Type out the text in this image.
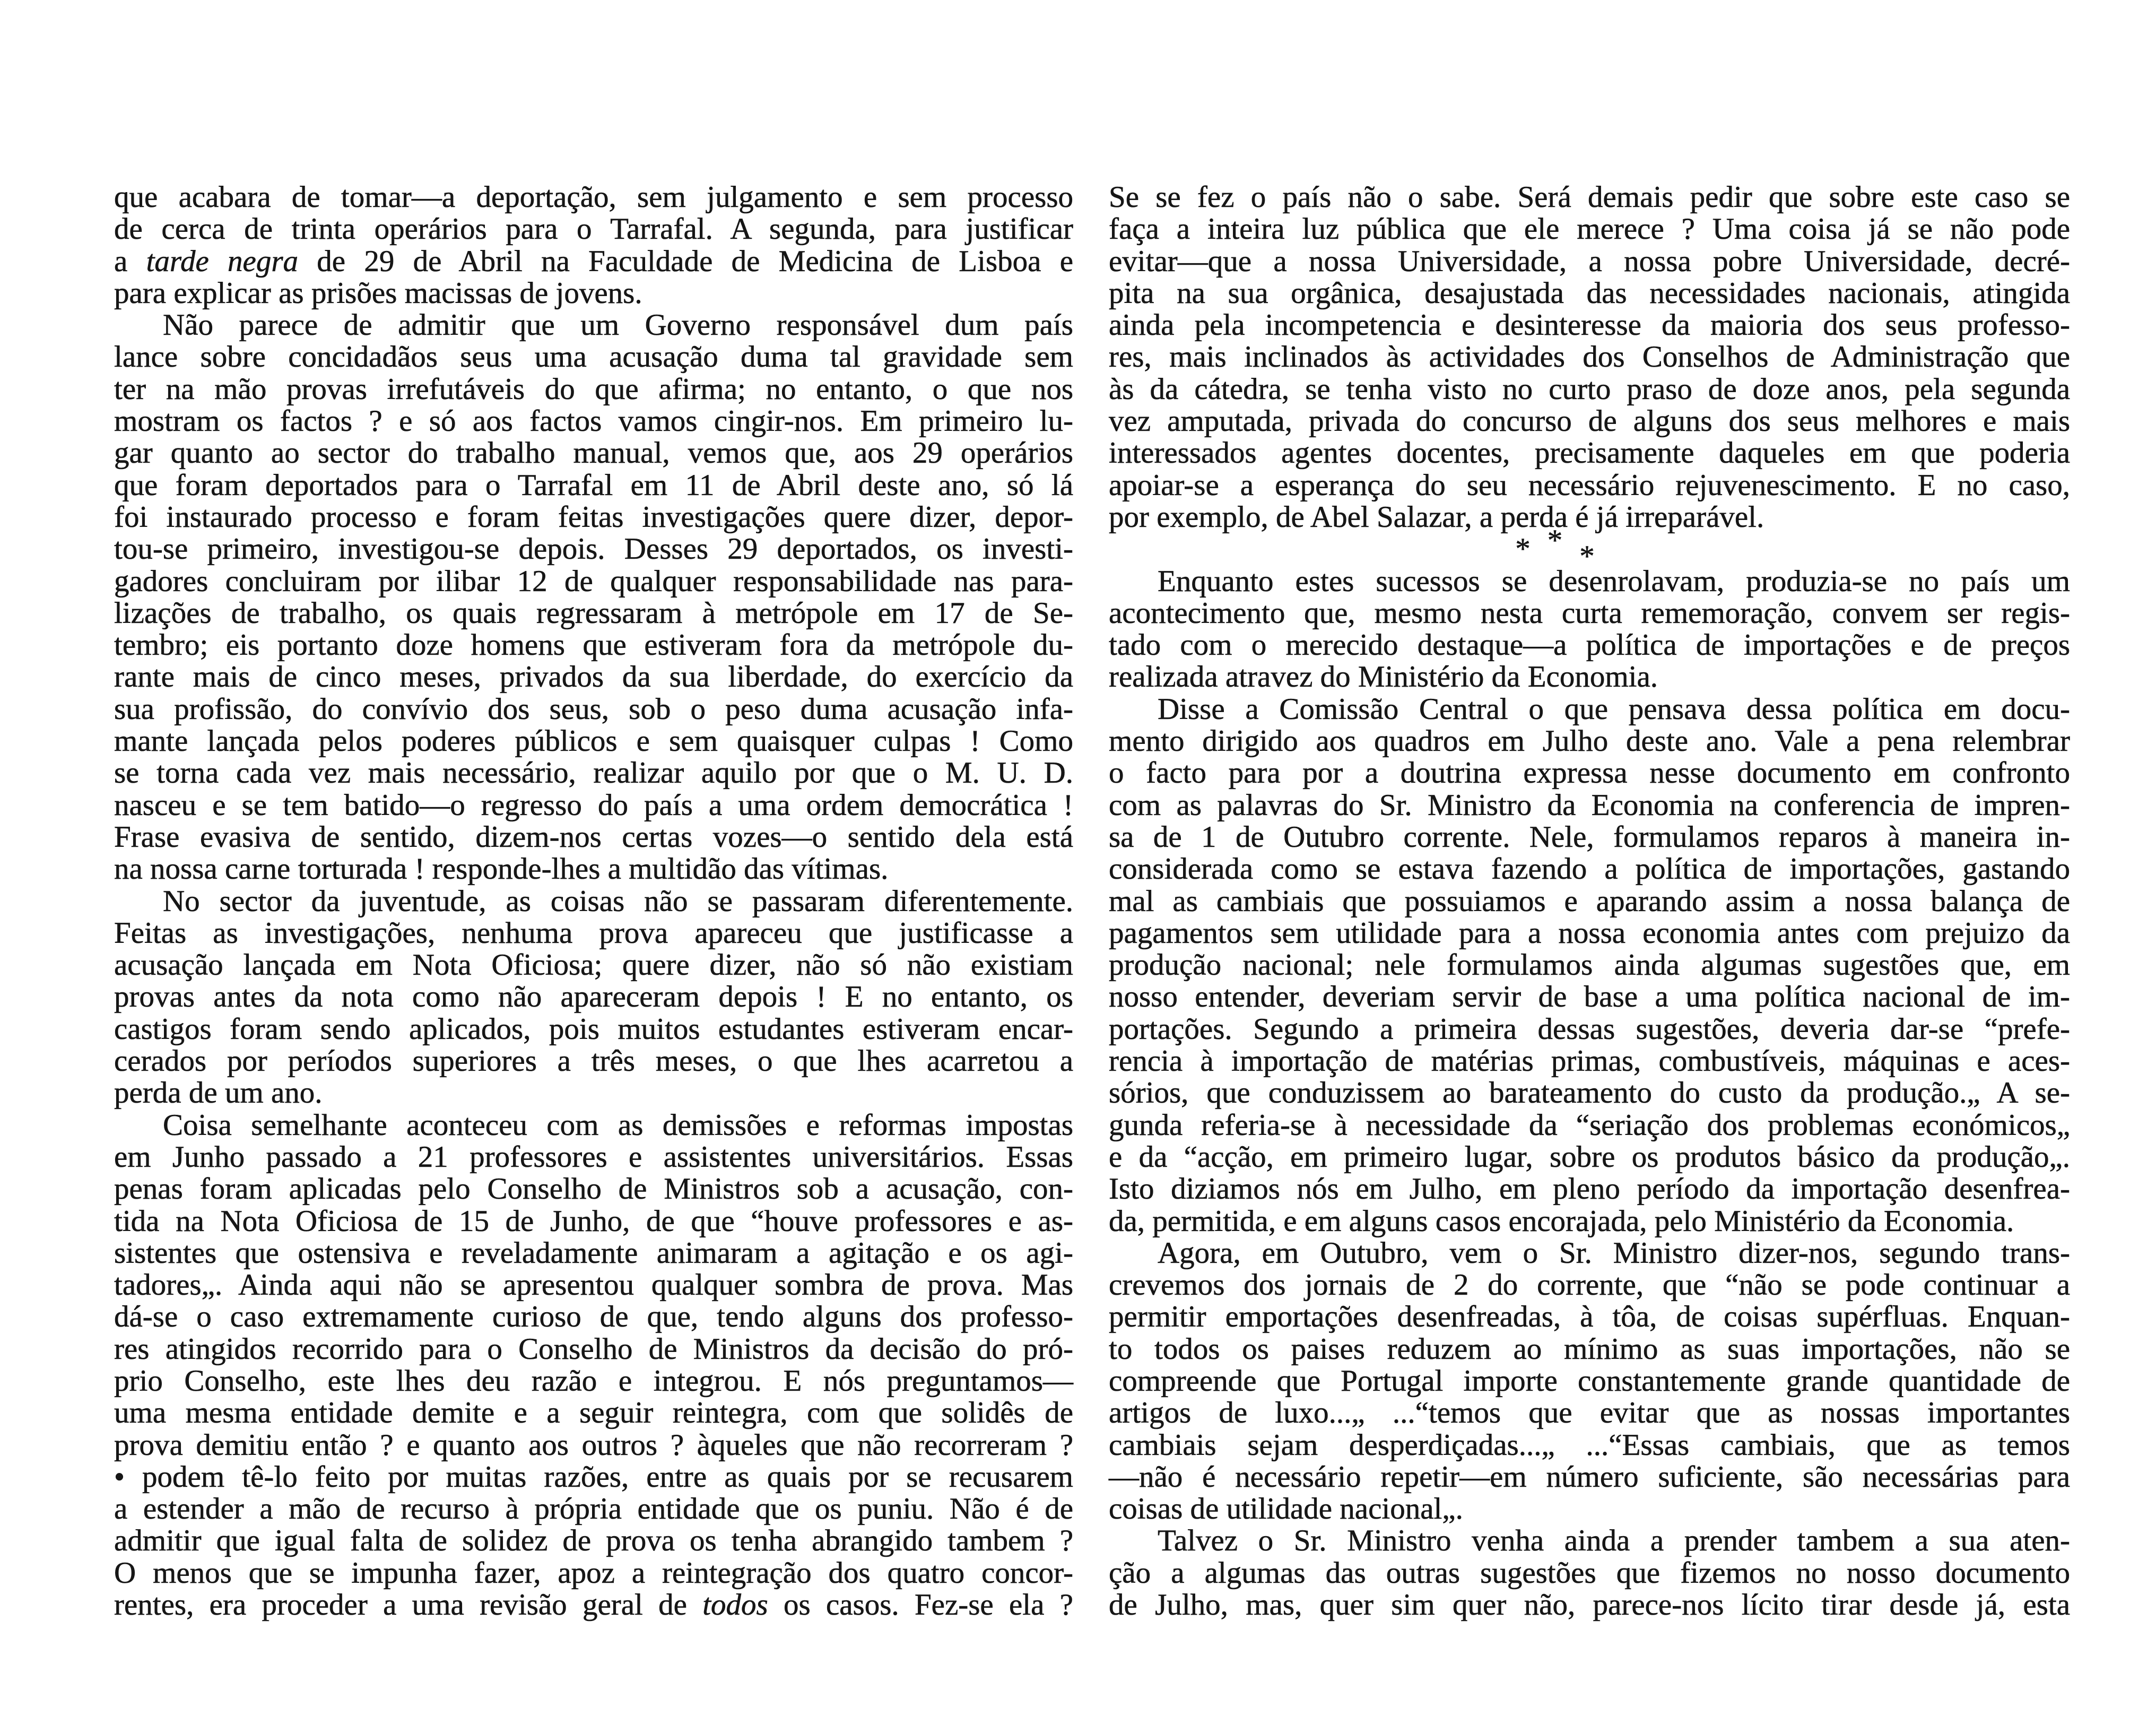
que acabara de tomar—a deportação, sem julgamento e sem processo
de cerca de trinta operários para o Tarrafal. A segunda, para justificar
a tarde negra de 29 de Abril na Faculdade de Medicina de Lisboa e
para explicar as prisões macissas de jovens.
Não parece de admitir que um Governo responsável dum país
lance sobre concidadãos seus uma acusação duma tal gravidade sem
ter na mão provas irrefutáveis do que afirma; no entanto, o que nos
mostram os factos ? e só aos factos vamos cingir-nos. Em primeiro lu-
gar quanto ao sector do trabalho manual, vemos que, aos 29 operários
que foram deportados para o Tarrafal em 11 de Abril deste ano, só lá
foi instaurado processo e foram feitas investigações quere dizer, depor-
tou-se primeiro, investigou-se depois. Desses 29 deportados, os investi-
gadores concluiram por ilibar 12 de qualquer responsabilidade nas para-
lizações de trabalho, os quais regressaram à metrópole em 17 de Se-
tembro; eis portanto doze homens que estiveram fora da metrópole du-
rante mais de cinco meses, privados da sua liberdade, do exercício da
sua profissão, do convívio dos seus, sob o peso duma acusação infa-
mante lançada pelos poderes públicos e sem quaisquer culpas ! Como
se torna cada vez mais necessário, realizar aquilo por que o M. U. D.
nasceu e se tem batido—o regresso do país a uma ordem democrática !
Frase evasiva de sentido, dizem-nos certas vozes—o sentido dela está
na nossa carne torturada ! responde-lhes a multidão das vítimas.
No sector da juventude, as coisas não se passaram diferentemente.
Feitas as investigações, nenhuma prova apareceu que justificasse a
acusação lançada em Nota Oficiosa; quere dizer, não só não existiam
provas antes da nota como não apareceram depois ! E no entanto, os
castigos foram sendo aplicados, pois muitos estudantes estiveram encar-
cerados por períodos superiores a três meses, o que lhes acarretou a
perda de um ano.
Coisa semelhante aconteceu com as demissões e reformas impostas
em Junho passado a 21 professores e assistentes universitários. Essas
penas foram aplicadas pelo Conselho de Ministros sob a acusação, con-
tida na Nota Oficiosa de 15 de Junho, de que “houve professores e as-
sistentes que ostensiva e reveladamente animaram a agitação e os agi-
tadores„. Ainda aqui não se apresentou qualquer sombra de prova. Mas
dá-se o caso extremamente curioso de que, tendo alguns dos professo-
res atingidos recorrido para o Conselho de Ministros da decisão do pró-
prio Conselho, este lhes deu razão e integrou. E nós preguntamos—
uma mesma entidade demite e a seguir reintegra, com que solidês de
prova demitiu então ? e quanto aos outros ? àqueles que não recorreram ?
• podem tê-lo feito por muitas razões, entre as quais por se recusarem
a estender a mão de recurso à própria entidade que os puniu. Não é de
admitir que igual falta de solidez de prova os tenha abrangido tambem ?
O menos que se impunha fazer, apoz a reintegração dos quatro concor-
rentes, era proceder a uma revisão geral de todos os casos. Fez-se ela ?
Se se fez o país não o sabe. Será demais pedir que sobre este caso se
faça a inteira luz pública que ele merece ? Uma coisa já se não pode
evitar—que a nossa Universidade, a nossa pobre Universidade, decré-
pita na sua orgânica, desajustada das necessidades nacionais, atingida
ainda pela incompetencia e desinteresse da maioria dos seus professo-
res, mais inclinados às actividades dos Conselhos de Administração que
às da cátedra, se tenha visto no curto praso de doze anos, pela segunda
vez amputada, privada do concurso de alguns dos seus melhores e mais
interessados agentes docentes, precisamente daqueles em que poderia
apoiar-se a esperança do seu necessário rejuvenescimento. E no caso,
por exemplo, de Abel Salazar, a perda é já irreparável.
* * *
Enquanto estes sucessos se desenrolavam, produzia-se no país um
acontecimento que, mesmo nesta curta rememoração, convem ser regis-
tado com o merecido destaque—a política de importações e de preços
realizada atravez do Ministério da Economia.
Disse a Comissão Central o que pensava dessa política em docu-
mento dirigido aos quadros em Julho deste ano. Vale a pena relembrar
o facto para por a doutrina expressa nesse documento em confronto
com as palavras do Sr. Ministro da Economia na conferencia de impren-
sa de 1 de Outubro corrente. Nele, formulamos reparos à maneira in-
considerada como se estava fazendo a política de importações, gastando
mal as cambiais que possuiamos e aparando assim a nossa balança de
pagamentos sem utilidade para a nossa economia antes com prejuizo da
produção nacional; nele formulamos ainda algumas sugestões que, em
nosso entender, deveriam servir de base a uma política nacional de im-
portações. Segundo a primeira dessas sugestões, deveria dar-se “prefe-
rencia à importação de matérias primas, combustíveis, máquinas e aces-
sórios, que conduzissem ao barateamento do custo da produção.„ A se-
gunda referia-se à necessidade da “seriação dos problemas económicos„
e da “acção, em primeiro lugar, sobre os produtos básico da produção„.
Isto diziamos nós em Julho, em pleno período da importação desenfrea-
da, permitida, e em alguns casos encorajada, pelo Ministério da Economia.
Agora, em Outubro, vem o Sr. Ministro dizer-nos, segundo trans-
crevemos dos jornais de 2 do corrente, que “não se pode continuar a
permitir emportações desenfreadas, à tôa, de coisas supérfluas. Enquan-
to todos os paises reduzem ao mínimo as suas importações, não se
compreende que Portugal importe constantemente grande quantidade de
artigos de luxo...„ ...“temos que evitar que as nossas importantes
cambiais sejam desperdiçadas...„ ...“Essas cambiais, que as temos
—não é necessário repetir—em número suficiente, são necessárias para
coisas de utilidade nacional„.
Talvez o Sr. Ministro venha ainda a prender tambem a sua aten-
ção a algumas das outras sugestões que fizemos no nosso documento
de Julho, mas, quer sim quer não, parece-nos lícito tirar desde já, esta
